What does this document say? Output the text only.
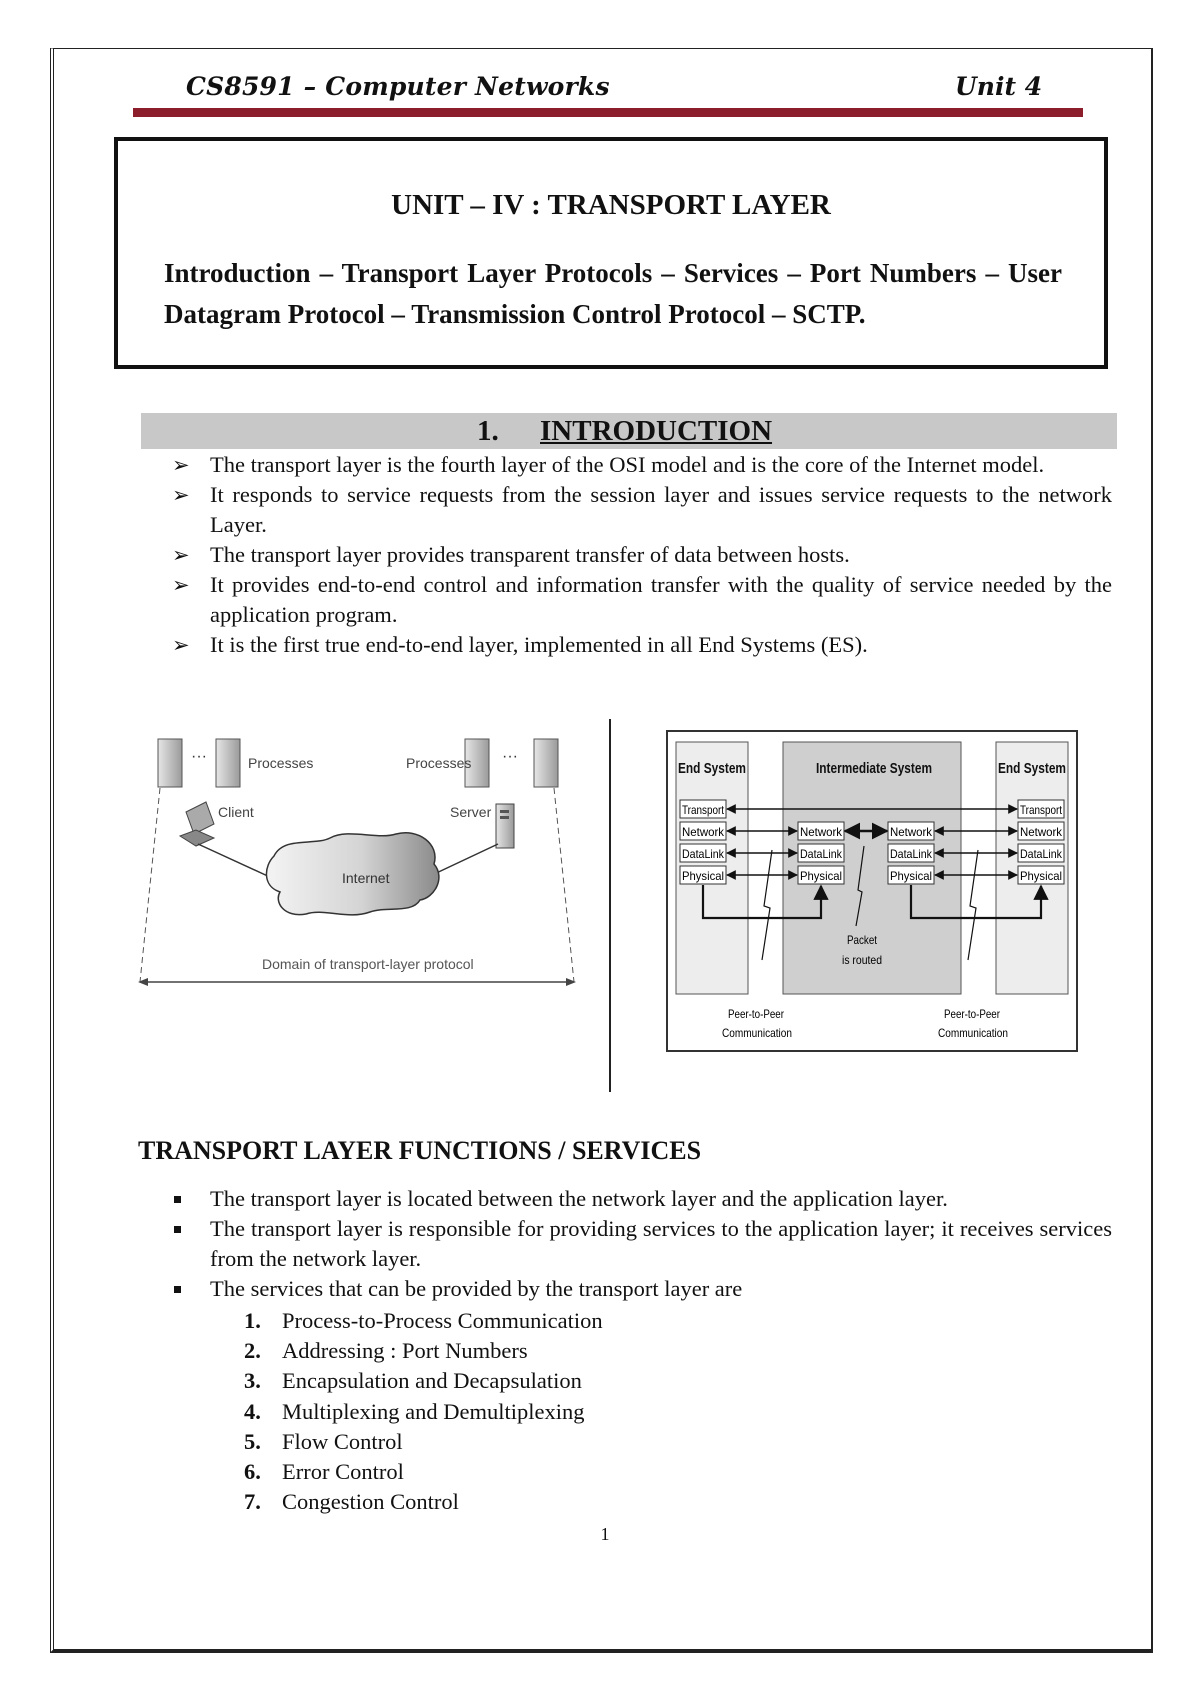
CS8591 – Computer Networks	Unit 4
UNIT – IV : TRANSPORT LAYER
Introduction – Transport Layer Protocols – Services – Port Numbers – User Datagram Protocol – Transmission Control Protocol – SCTP.
1. INTRODUCTION
➢ The transport layer is the fourth layer of the OSI model and is the core of the Internet model.
➢ It responds to service requests from the session layer and issues service requests to the network Layer.
➢ The transport layer provides transparent transfer of data between hosts.
➢ It provides end-to-end control and information transfer with the quality of service needed by the application program.
➢ It is the first true end-to-end layer, implemented in all End Systems (ES).
···	Processes	···
Processes
Client	Server
Internet
Domain of transport-layer protocol
End System	Intermediate System	End System
Transport
Network
DataLink
Physical
Network
DataLink
Physical
Network
DataLink
Physical
Transport
Network
DataLink
Physical
Packet
is routed
Peer-to-Peer
Communication
Peer-to-Peer
Communication
TRANSPORT LAYER FUNCTIONS / SERVICES
The transport layer is located between the network layer and the application layer.
The transport layer is responsible for providing services to the application layer; it receives services from the network layer.
The services that can be provided by the transport layer are
1. Process-to-Process Communication
2. Addressing : Port Numbers
3. Encapsulation and Decapsulation
4. Multiplexing and Demultiplexing
5. Flow Control
6. Error Control
7. Congestion Control
1
